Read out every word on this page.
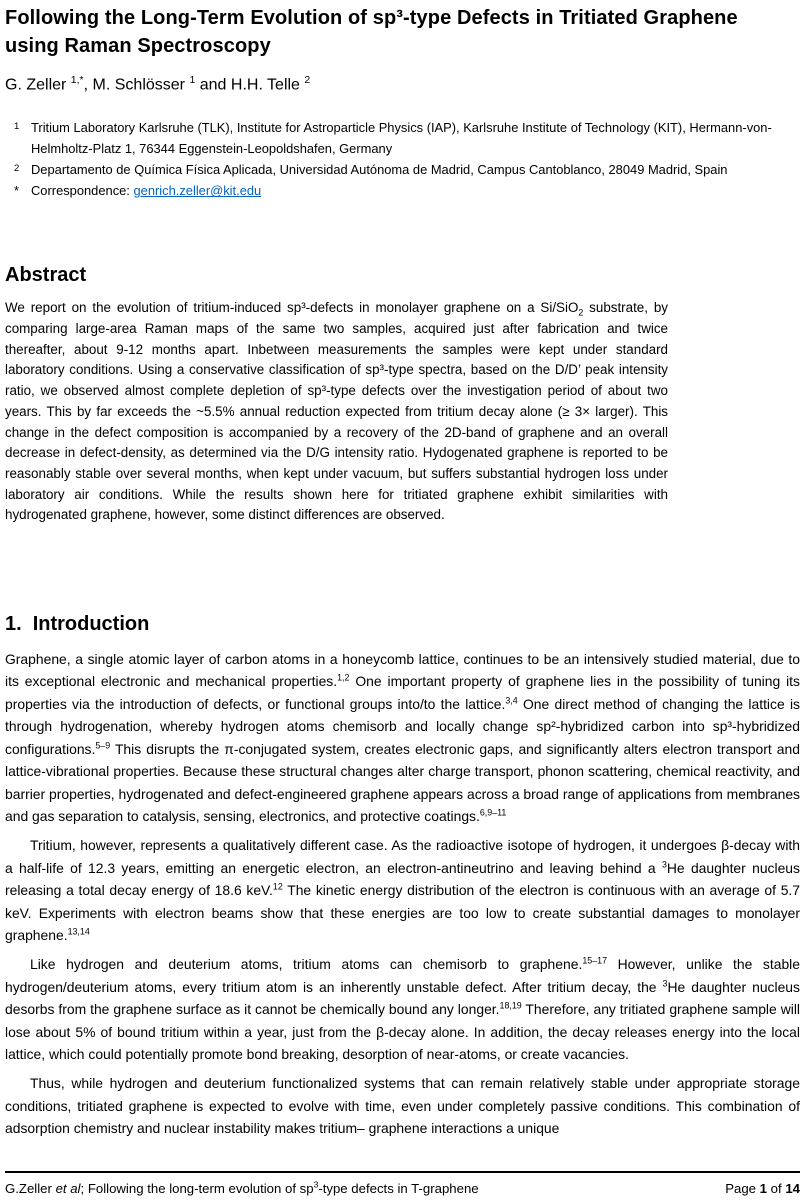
Following the Long-Term Evolution of sp³-type Defects in Tritiated Graphene using Raman Spectroscopy
G. Zeller $^{1,*}$, M. Schlösser $^1$ and H.H. Telle $^2$
1 Tritium Laboratory Karlsruhe (TLK), Institute for Astroparticle Physics (IAP), Karlsruhe Institute of Technology (KIT), Hermann-von-Helmholtz-Platz 1, 76344 Eggenstein-Leopoldshafen, Germany
2 Departamento de Química Física Aplicada, Universidad Autónoma de Madrid, Campus Cantoblanco, 28049 Madrid, Spain
* Correspondence: genrich.zeller@kit.edu
Abstract
We report on the evolution of tritium-induced sp³-defects in monolayer graphene on a Si/SiO$_2$ substrate, by comparing large-area Raman maps of the same two samples, acquired just after fabrication and twice thereafter, about 9-12 months apart. Inbetween measurements the samples were kept under standard laboratory conditions. Using a conservative classification of sp³-type spectra, based on the D/D’ peak intensity ratio, we observed almost complete depletion of sp³-type defects over the investigation period of about two years. This by far exceeds the ~5.5% annual reduction expected from tritium decay alone (≥ 3× larger). This change in the defect composition is accompanied by a recovery of the 2D-band of graphene and an overall decrease in defect-density, as determined via the D/G intensity ratio. Hydogenated graphene is reported to be reasonably stable over several months, when kept under vacuum, but suffers substantial hydrogen loss under laboratory air conditions. While the results shown here for tritiated graphene exhibit similarities with hydrogenated graphene, however, some distinct differences are observed.
1. Introduction

Graphene, a single atomic layer of carbon atoms in a honeycomb lattice, continues to be an intensively studied material, due to its exceptional electronic and mechanical properties.$^{1,2}$ One important property of graphene lies in the possibility of tuning its properties via the introduction of defects, or functional groups into/to the lattice.$^{3,4}$ One direct method of changing the lattice is through hydrogenation, whereby hydrogen atoms chemisorb and locally change sp²-hybridized carbon into sp³-hybridized configurations.$^{5-9}$ This disrupts the π-conjugated system, creates electronic gaps, and significantly alters electron transport and lattice-vibrational properties. Because these structural changes alter charge transport, phonon scattering, chemical reactivity, and barrier properties, hydrogenated and defect-engineered graphene appears across a broad range of applications from membranes and gas separation to catalysis, sensing, electronics, and protective coatings.$^{6,9-11}$

Tritium, however, represents a qualitatively different case. As the radioactive isotope of hydrogen, it undergoes β-decay with a half-life of 12.3 years, emitting an energetic electron, an electron-antineutrino and leaving behind a $^3$He daughter nucleus releasing a total decay energy of 18.6 keV.$^{12}$ The kinetic energy distribution of the electron is continuous with an average of 5.7 keV. Experiments with electron beams show that these energies are too low to create substantial damages to monolayer graphene.$^{13,14}$

Like hydrogen and deuterium atoms, tritium atoms can chemisorb to graphene.$^{15-17}$ However, unlike the stable hydrogen/deuterium atoms, every tritium atom is an inherently unstable defect. After tritium decay, the $^3$He daughter nucleus desorbs from the graphene surface as it cannot be chemically bound any longer.$^{18,19}$ Therefore, any tritiated graphene sample will lose about 5% of bound tritium within a year, just from the β-decay alone. In addition, the decay releases energy into the local lattice, which could potentially promote bond breaking, desorption of near-atoms, or create vacancies.

Thus, while hydrogen and deuterium functionalized systems that can remain relatively stable under appropriate storage conditions, tritiated graphene is expected to evolve with time, even under completely passive conditions. This combination of adsorption chemistry and nuclear instability makes tritium– graphene interactions a unique

G.Zeller et al; Following the long-term evolution of $sp^3$-type defects in T-graphene	Page 1 of 14
